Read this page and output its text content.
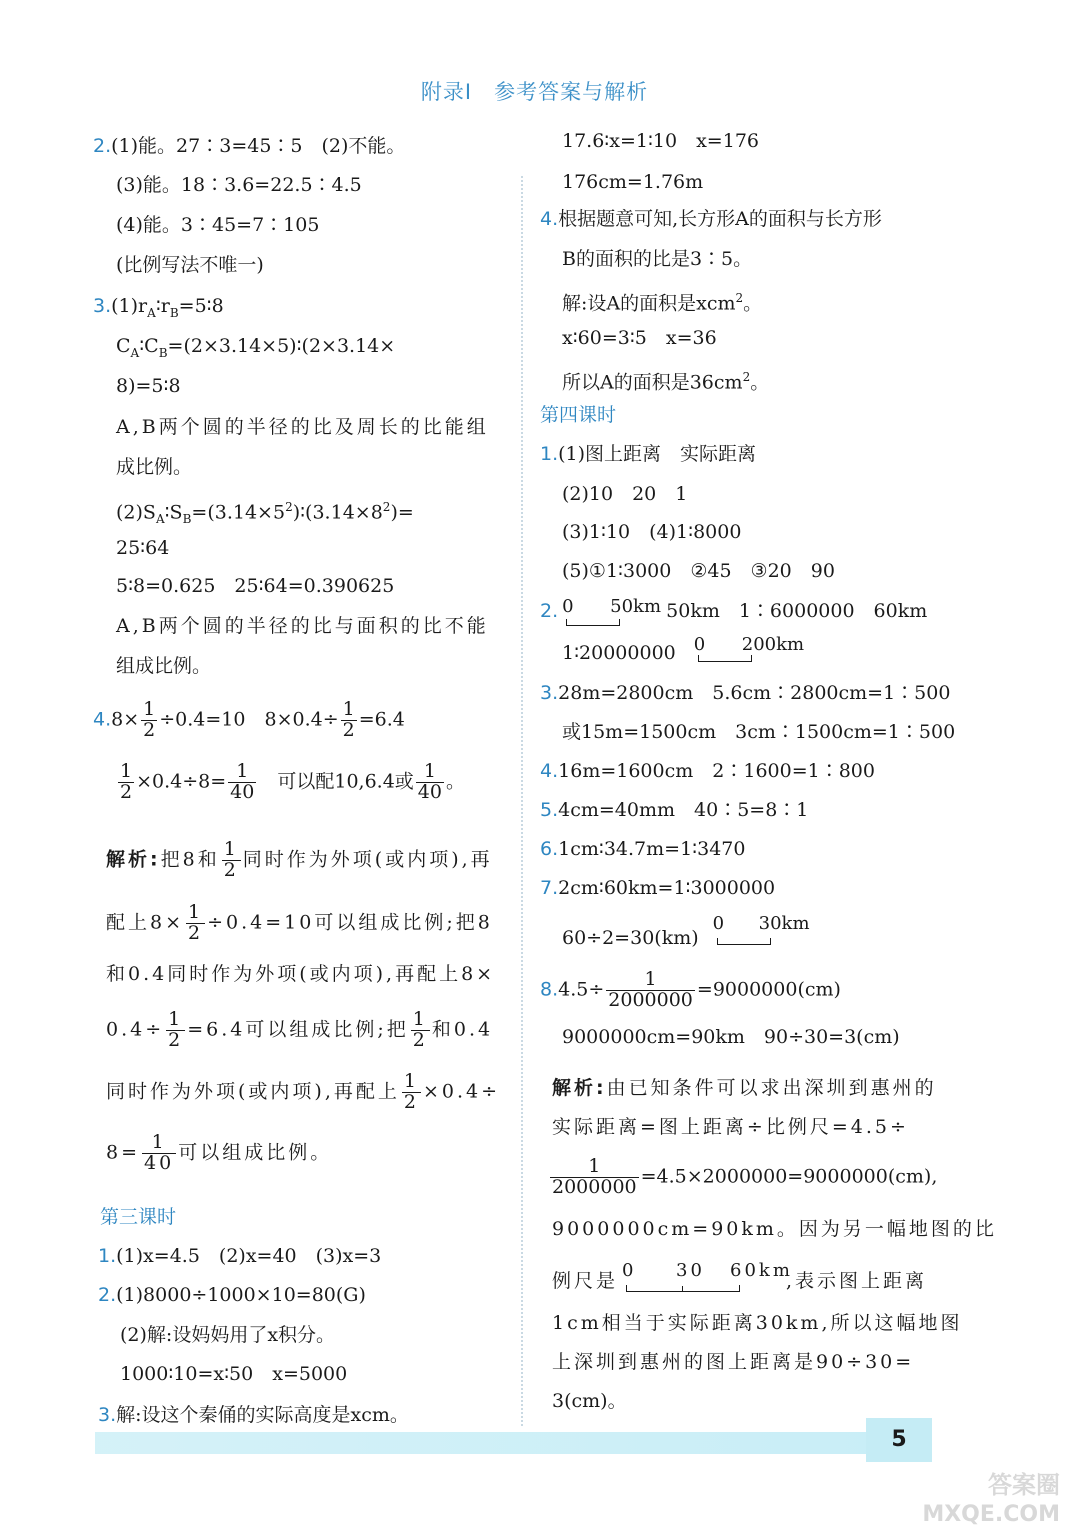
附录Ⅰ　参考答案与解析
2.(1)能。27∶3=45∶5　(2)不能。
(3)能。18∶3.6=22.5∶4.5
(4)能。3∶45=7∶105
(比例写法不唯一)
$3.(1)r_A∶r_B=5∶8$
$C_A∶C_B=(2\times 3.14\times 5)∶(2\times 3.14\times$
8)=5∶8
A,B两个圆的半径的比及周长的比能组
成比例。
$(2)S_A∶S_B=(3.14\times 5^2)∶(3.14\times 8^2)=$
25∶64
5∶8=0.625　25∶64=0.390625
A,B两个圆的半径的比与面积的比不能
组成比例。
$4.8\times \frac{1}{2} \div 0.4=10$　$8\times 0.4\div \frac{1}{2} =6.4$
$\frac{1}{2} \times 0.4\div 8= \frac{1}{40}$ 　可以配10,6.4或 $\frac{1}{40}$ 。
解析:把8和 $\frac{1}{2}$ 同时作为外项(或内项),再
配上$8\times \frac{1}{2} \div 0.4=10$可以组成比例;把8
和0.4同时作为外项(或内项),再配上8×
$0.4\div \frac{1}{2} =6.4$可以组成比例;把 $\frac{1}{2}$ 和0.4
同时作为外项(或内项),再配上 $\frac{1}{2} \times 0.4\div$
$8= \frac{1}{40}$ 可以组成比例。
第三课时
1.(1)x=4.5　(2)x=40　(3)x=3
2.(1)8000÷1000×10=80(G)
(2)解:设妈妈用了x积分。
1000∶10=x∶50　x=5000
3.解:设这个秦俑的实际高度是xcm。
17.6∶x=1∶10　x=176
176cm=1.76m
4.根据题意可知,长方形A的面积与长方形
B的面积的比是3∶5。
解:设A的面积是xcm$^2$。
x∶60=3∶5　x=36
所以A的面积是$36cm^2$。
第四课时
1.(1)图上距离　实际距离
(2)10　20　1
(3)1∶10　(4)1∶8000
(5)①1∶3000　②45　③20　90
2. 0 50km 50km　1∶6000000　60km
1∶20000000 0 200km
3.28m=2800cm　5.6cm∶2800cm=1∶500
或15m=1500cm　3cm∶1500cm=1∶500
4.16m=1600cm　2∶1600=1∶800
5.4cm=40mm　40∶5=8∶1
6.1cm∶34.7m=1∶3470
7.2cm∶60km=1∶3000000
60÷2=30(km)
0 30km
$8.4.5\div \frac{1}{2000000} =9000000(cm)$
9000000cm=90km　90÷30=3(cm)
解析:由已知条件可以求出深圳到惠州的
实际距离=图上距离÷比例尺=4.5÷
$\frac{1}{2000000} =4.5\times 2000000=9000000(cm)$,
9000000cm=90km。因为另一幅地图的比
例尺是 0 30 60km
,表示图上距离
1cm相当于实际距离30km,所以这幅地图
上深圳到惠州的图上距离是90÷30=
3(cm)。
5
答案圈
MXQE.COM
